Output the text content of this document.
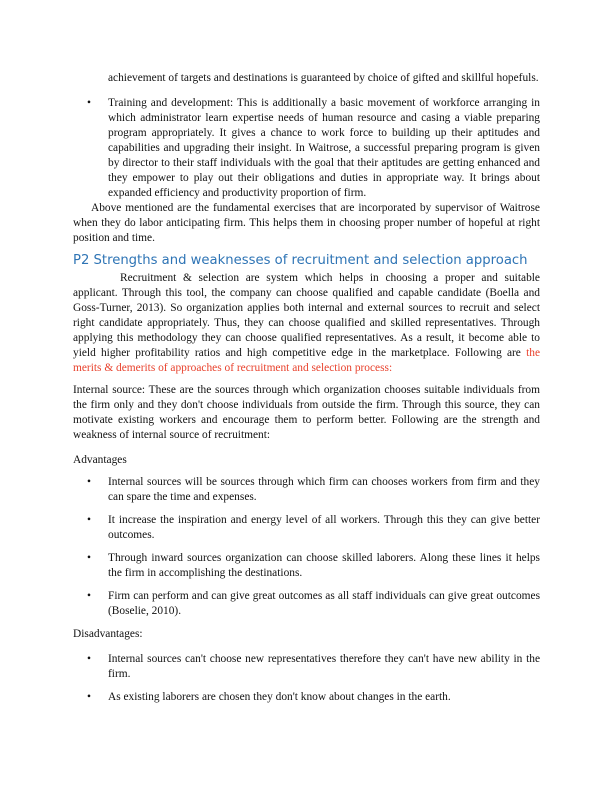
achievement of targets and destinations is guaranteed by choice of gifted and skillful hopefuls.

• Training and development: This is additionally a basic movement of workforce arranging in which administrator learn expertise needs of human resource and casing a viable preparing program appropriately. It gives a chance to work force to building up their aptitudes and capabilities and upgrading their insight. In Waitrose, a successful preparing program is given by director to their staff individuals with the goal that their aptitudes are getting enhanced and they empower to play out their obligations and duties in appropriate way. It brings about expanded efficiency and productivity proportion of firm.

Above mentioned are the fundamental exercises that are incorporated by supervisor of Waitrose when they do labor anticipating firm. This helps them in choosing proper number of hopeful at right position and time.

P2 Strengths and weaknesses of recruitment and selection approach

Recruitment & selection are system which helps in choosing a proper and suitable applicant. Through this tool, the company can choose qualified and capable candidate (Boella and Goss-Turner, 2013). So organization applies both internal and external sources to recruit and select right candidate appropriately. Thus, they can choose qualified and skilled representatives. Through applying this methodology they can choose qualified representatives. As a result, it become able to yield higher profitability ratios and high competitive edge in the marketplace. Following are the merits & demerits of approaches of recruitment and selection process:

Internal source: These are the sources through which organization chooses suitable individuals from the firm only and they don't choose individuals from outside the firm. Through this source, they can motivate existing workers and encourage them to perform better. Following are the strength and weakness of internal source of recruitment:

Advantages

• Internal sources will be sources through which firm can chooses workers from firm and they can spare the time and expenses.
• It increase the inspiration and energy level of all workers. Through this they can give better outcomes.
• Through inward sources organization can choose skilled laborers. Along these lines it helps the firm in accomplishing the destinations.
• Firm can perform and can give great outcomes as all staff individuals can give great outcomes (Boselie, 2010).

Disadvantages:

• Internal sources can't choose new representatives therefore they can't have new ability in the firm.
• As existing laborers are chosen they don't know about changes in the earth.
